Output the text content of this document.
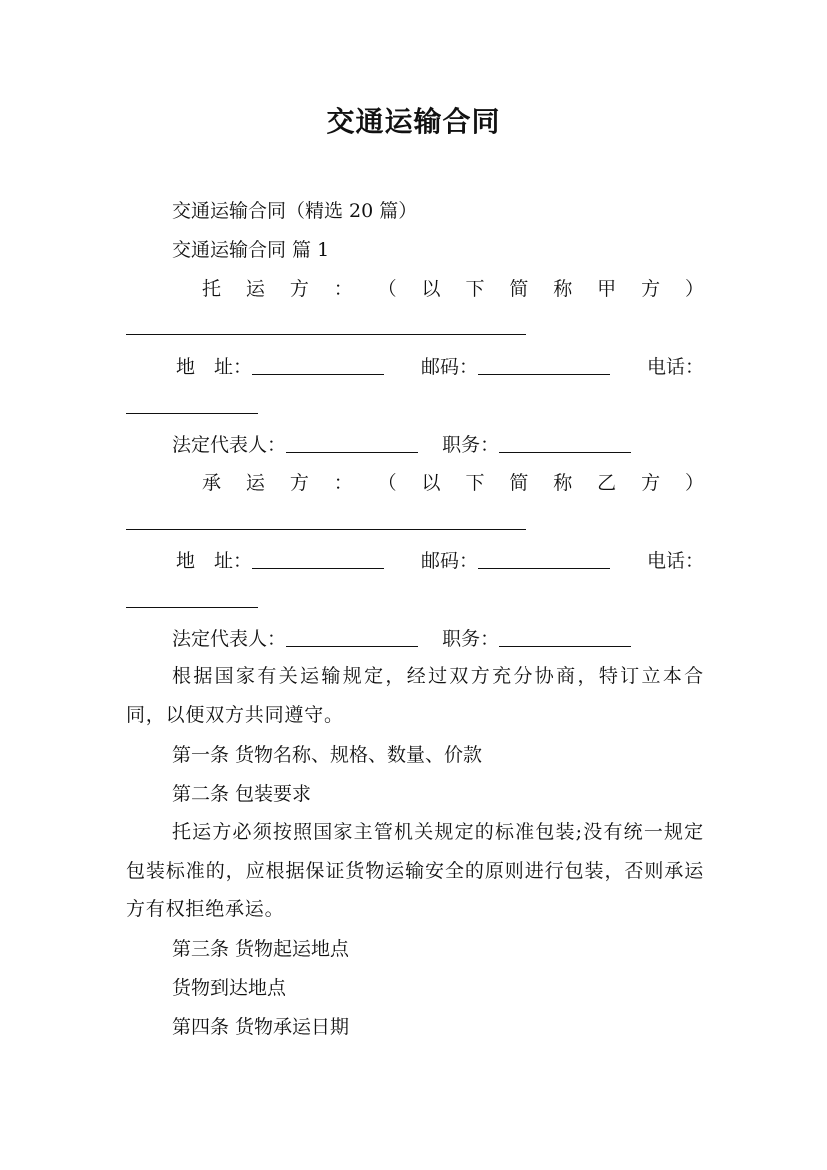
交通运输合同
交通运输合同（精选 20 篇）
交通运输合同 篇 1
托 运 方 ： （ 以 下 简 称 甲 方 ）
地　址：	邮码：	电话：
法定代表人：	职务：
承 运 方 ： （ 以 下 简 称 乙 方 ）
地　址：	邮码：	电话：
法定代表人：	职务：
根据国家有关运输规定，经过双方充分协商，特订立本合同，以便双方共同遵守。
第一条 货物名称、规格、数量、价款
第二条 包装要求
托运方必须按照国家主管机关规定的标准包装;没有统一规定包装标准的，应根据保证货物运输安全的原则进行包装，否则承运方有权拒绝承运。
第三条 货物起运地点
货物到达地点
第四条 货物承运日期
